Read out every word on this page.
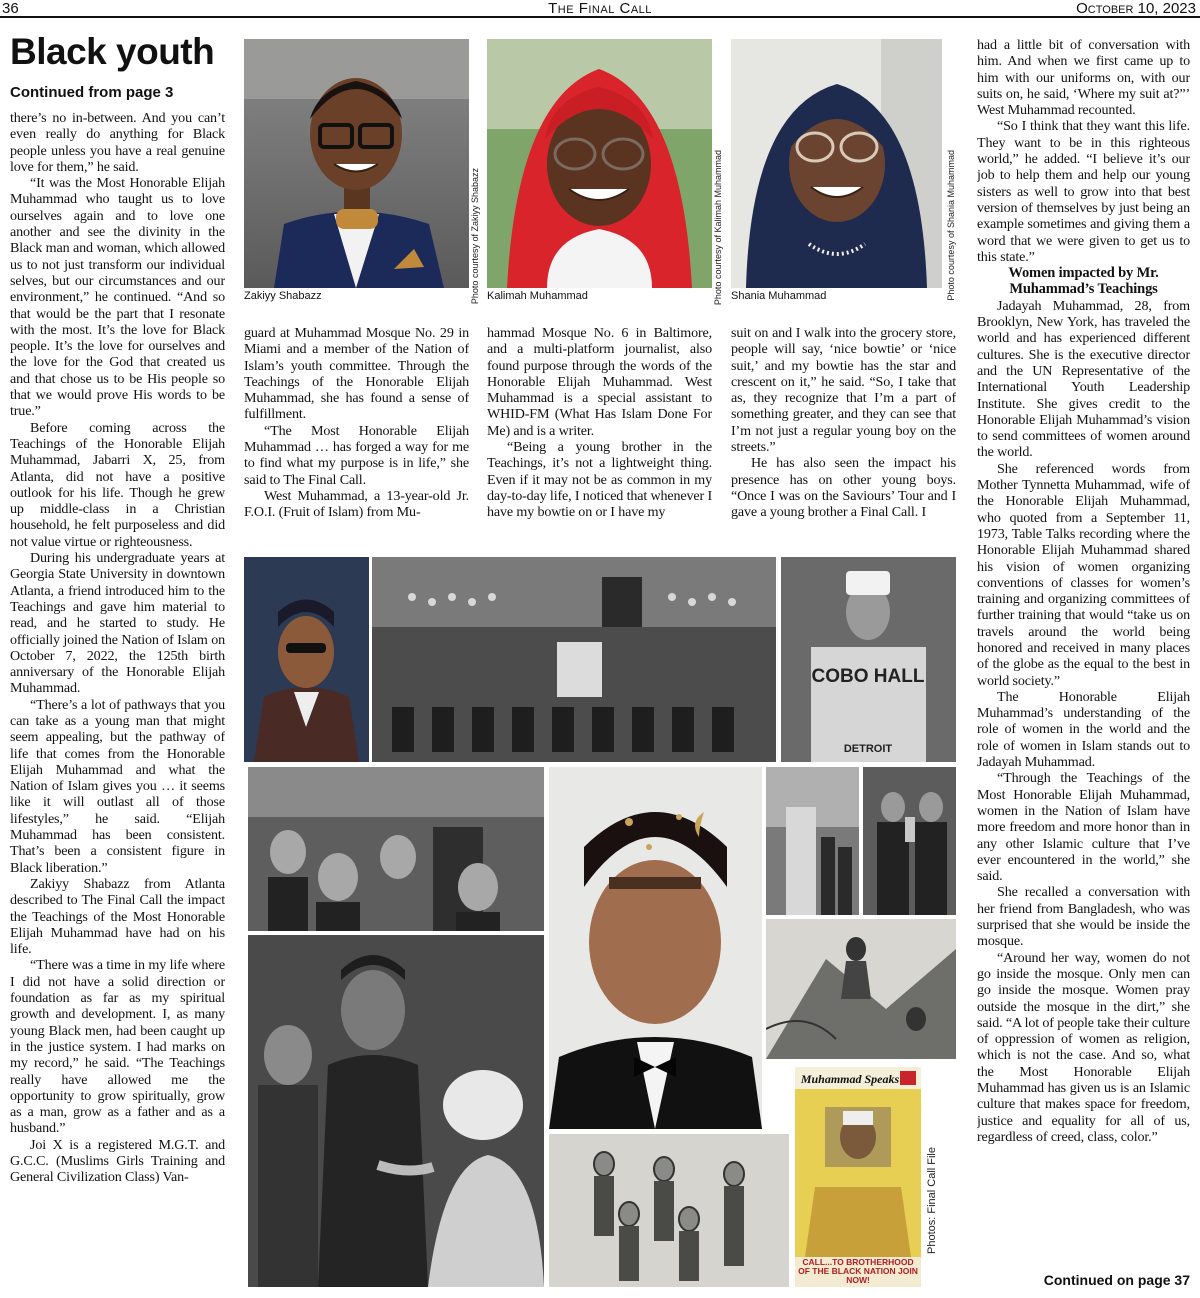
36	The Final Call	October 10, 2023
Black youth
Continued from page 3

there’s no in-between. And you can’t even really do anything for Black people unless you have a real genuine love for them,” he said.

“It was the Most Honorable Elijah Muhammad who taught us to love ourselves again and to love one another and see the divinity in the Black man and woman, which allowed us to not just transform our individual selves, but our circumstances and our environment,” he continued. “And so that would be the part that I resonate with the most. It’s the love for Black people. It’s the love for ourselves and the love for the God that created us and that chose us to be His people so that we would prove His words to be true.”

Before coming across the Teachings of the Honorable Elijah Muhammad, Jabarri X, 25, from Atlanta, did not have a positive outlook for his life. Though he grew up middle-class in a Christian household, he felt purposeless and did not value virtue or righteousness.

During his undergraduate years at Georgia State University in downtown Atlanta, a friend introduced him to the Teachings and gave him material to read, and he started to study. He officially joined the Nation of Islam on October 7, 2022, the 125th birth anniversary of the Honorable Elijah Muhammad.

“There’s a lot of pathways that you can take as a young man that might seem appealing, but the pathway of life that comes from the Honorable Elijah Muhammad and what the Nation of Islam gives you … it seems like it will outlast all of those lifestyles,” he said. “Elijah Muhammad has been consistent. That’s been a consistent figure in Black liberation.”

Zakiyy Shabazz from Atlanta described to The Final Call the impact the Teachings of the Most Honorable Elijah Muhammad have had on his life.

“There was a time in my life where I did not have a solid direction or foundation as far as my spiritual growth and development. I, as many young Black men, had been caught up in the justice system. I had marks on my record,” he said. “The Teachings really have allowed me the opportunity to grow spiritually, grow as a man, grow as a father and as a husband.”

Joi X is a registered M.G.T. and G.C.C. (Muslims Girls Training and General Civilization Class) Van-

Zakiyy Shabazz	Photo courtesy of Zakiyy Shabazz Kalimah Muhammad	Photo courtesy of Kalimah Muhammad Shania Muhammad	Photo courtesy of Shania Muhammad

guard at Muhammad Mosque No. 29 in Miami and a member of the Nation of Islam’s youth committee. Through the Teachings of the Honorable Elijah Muhammad, she has found a sense of fulfillment.

“The Most Honorable Elijah Muhammad … has forged a way for me to find what my purpose is in life,” she said to The Final Call.

West Muhammad, a 13-year-old Jr. F.O.I. (Fruit of Islam) from Mu-

hammad Mosque No. 6 in Baltimore, and a multi-platform journalist, also found purpose through the words of the Honorable Elijah Muhammad. West Muhammad is a special assistant to WHID-FM (What Has Islam Done For Me) and is a writer.

“Being a young brother in the Teachings, it’s not a lightweight thing. Even if it may not be as common in my day-to-day life, I noticed that whenever I have my bowtie on or I have my

suit on and I walk into the grocery store, people will say, ‘nice bowtie’ or ‘nice suit,’ and my bowtie has the star and crescent on it,” he said. “So, I take that as, they recognize that I’m a part of something greater, and they can see that I’m not just a regular young boy on the streets.”

He has also seen the impact his presence has on other young boys. “Once I was on the Saviours’ Tour and I gave a young brother a Final Call. I

had a little bit of conversation with him. And when we first came up to him with our uniforms on, with our suits on, he said, ‘Where my suit at?”’ West Muhammad recounted.

“So I think that they want this life. They want to be in this righteous world,” he added. “I believe it’s our job to help them and help our young sisters as well to grow into that best version of themselves by just being an example sometimes and giving them a word that we were given to get us to this state.”

Women impacted by Mr. Muhammad’s Teachings

Jadayah Muhammad, 28, from Brooklyn, New York, has traveled the world and has experienced different cultures. She is the executive director and the UN Representative of the International Youth Leadership Institute. She gives credit to the Honorable Elijah Muhammad’s vision to send committees of women around the world.

She referenced words from Mother Tynnetta Muhammad, wife of the Honorable Elijah Muhammad, who quoted from a September 11, 1973, Table Talks recording where the Honorable Elijah Muhammad shared his vision of women organizing conventions of classes for women’s training and organizing committees of further training that would “take us on travels around the world being honored and received in many places of the globe as the equal to the best in world society.”

The Honorable Elijah Muhammad’s understanding of the role of women in the world and the role of women in Islam stands out to Jadayah Muhammad.

“Through the Teachings of the Most Honorable Elijah Muhammad, women in the Nation of Islam have more freedom and more honor than in any other Islamic culture that I’ve ever encountered in the world,” she said.

She recalled a conversation with her friend from Bangladesh, who was surprised that she would be inside the mosque.

“Around her way, women do not go inside the mosque. Only men can go inside the mosque. Women pray outside the mosque in the dirt,” she said. “A lot of people take their culture of oppression of women as religion, which is not the case. And so, what the Most Honorable Elijah Muhammad has given us is an Islamic culture that makes space for freedom, justice and equality for all of us, regardless of creed, class, color.”

Continued on page 37
COBO HALL
DETROIT
Muhammad Speaks
CALL...TO BROTHERHOOD OF THE BLACK NATION JOIN NOW!
Photos: Final Call File
